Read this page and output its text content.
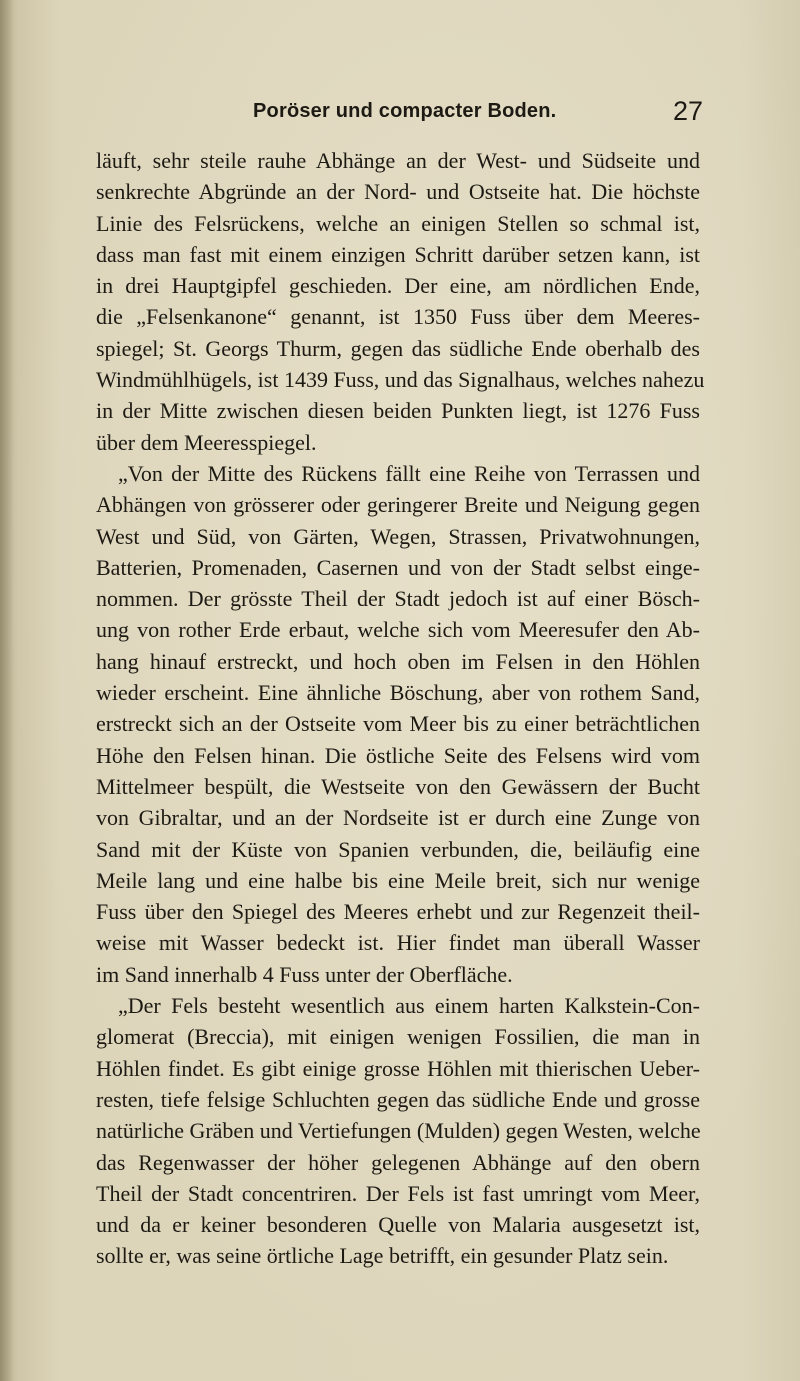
Poröser und compacter Boden.	27
läuft, sehr steile rauhe Abhänge an der West- und Südseite und
senkrechte Abgründe an der Nord- und Ostseite hat. Die höchste
Linie des Felsrückens, welche an einigen Stellen so schmal ist,
dass man fast mit einem einzigen Schritt darüber setzen kann, ist
in drei Hauptgipfel geschieden. Der eine, am nördlichen Ende,
die „Felsenkanone“ genannt, ist 1350 Fuss über dem Meeres-
spiegel; St. Georgs Thurm, gegen das südliche Ende oberhalb des
Windmühlhügels, ist 1439 Fuss, und das Signalhaus, welches nahezu
in der Mitte zwischen diesen beiden Punkten liegt, ist 1276 Fuss
über dem Meeresspiegel.
„Von der Mitte des Rückens fällt eine Reihe von Terrassen und
Abhängen von grösserer oder geringerer Breite und Neigung gegen
West und Süd, von Gärten, Wegen, Strassen, Privatwohnungen,
Batterien, Promenaden, Casernen und von der Stadt selbst einge-
nommen. Der grösste Theil der Stadt jedoch ist auf einer Bösch-
ung von rother Erde erbaut, welche sich vom Meeresufer den Ab-
hang hinauf erstreckt, und hoch oben im Felsen in den Höhlen
wieder erscheint. Eine ähnliche Böschung, aber von rothem Sand,
erstreckt sich an der Ostseite vom Meer bis zu einer beträchtlichen
Höhe den Felsen hinan. Die östliche Seite des Felsens wird vom
Mittelmeer bespült, die Westseite von den Gewässern der Bucht
von Gibraltar, und an der Nordseite ist er durch eine Zunge von
Sand mit der Küste von Spanien verbunden, die, beiläufig eine
Meile lang und eine halbe bis eine Meile breit, sich nur wenige
Fuss über den Spiegel des Meeres erhebt und zur Regenzeit theil-
weise mit Wasser bedeckt ist. Hier findet man überall Wasser
im Sand innerhalb 4 Fuss unter der Oberfläche.
„Der Fels besteht wesentlich aus einem harten Kalkstein-Con-
glomerat (Breccia), mit einigen wenigen Fossilien, die man in
Höhlen findet. Es gibt einige grosse Höhlen mit thierischen Ueber-
resten, tiefe felsige Schluchten gegen das südliche Ende und grosse
natürliche Gräben und Vertiefungen (Mulden) gegen Westen, welche
das Regenwasser der höher gelegenen Abhänge auf den obern
Theil der Stadt concentriren. Der Fels ist fast umringt vom Meer,
und da er keiner besonderen Quelle von Malaria ausgesetzt ist,
sollte er, was seine örtliche Lage betrifft, ein gesunder Platz sein.
